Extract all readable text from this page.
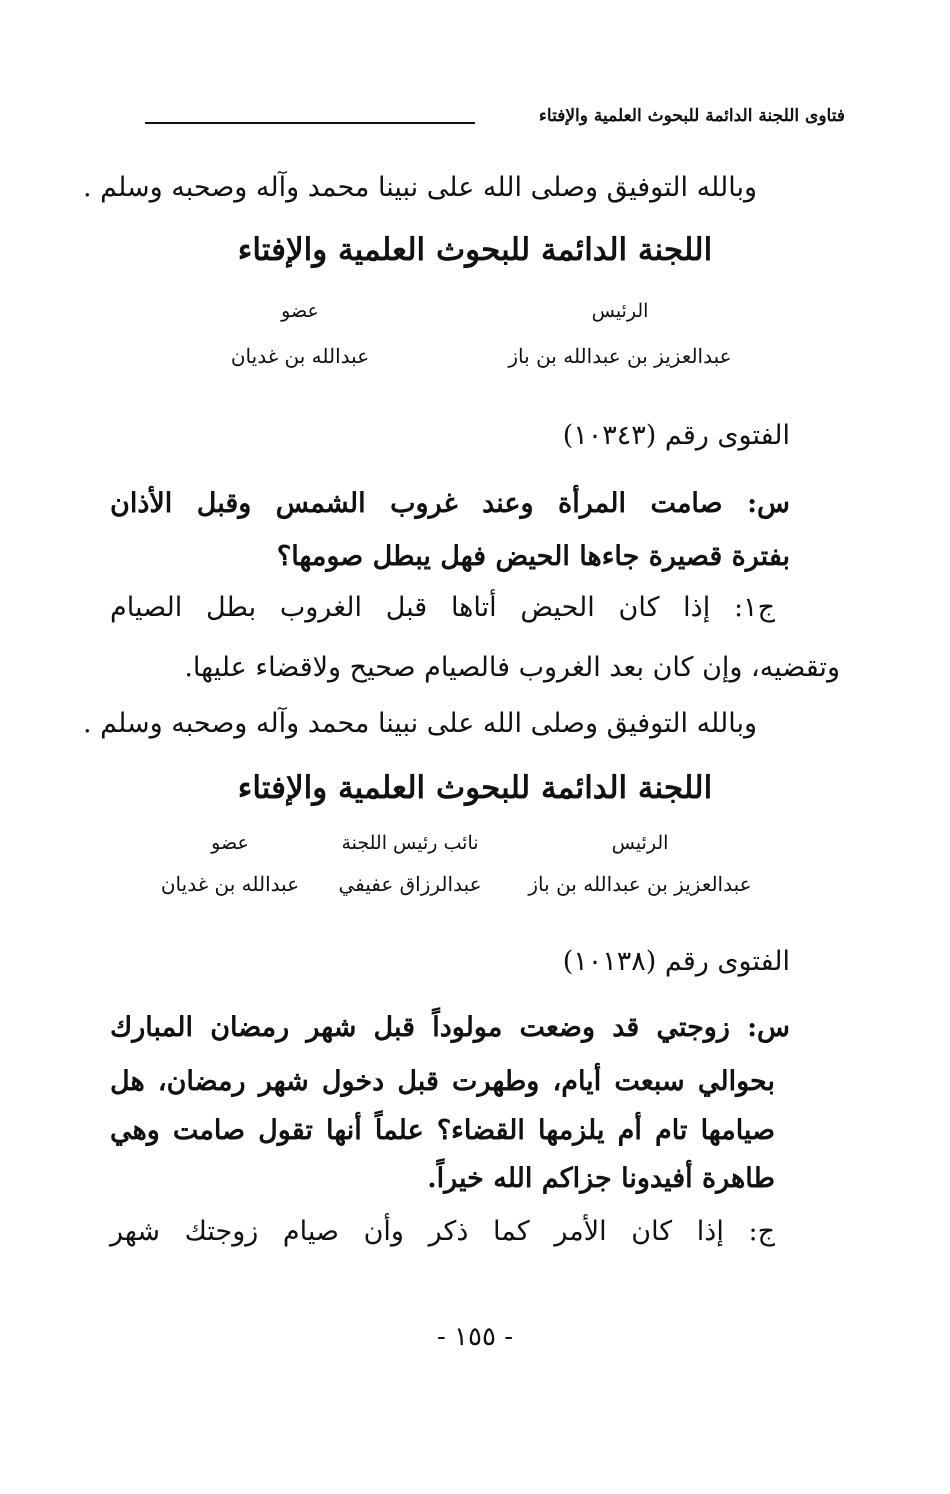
فتاوى اللجنة الدائمة للبحوث العلمية والإفتاء
وبالله التوفيق وصلى الله على نبينا محمد وآله وصحبه وسلم .
اللجنة الدائمة للبحوث العلمية والإفتاء
عضو
عبدالله بن غديان
الرئيس
عبدالعزيز بن عبدالله بن باز
الفتوى رقم (١٠٣٤٣)
س: صامت المرأة وعند غروب الشمس وقبل الأذان
بفترة قصيرة جاءها الحيض فهل يبطل صومها؟
ج١: إذا كان الحيض أتاها قبل الغروب بطل الصيام
وتقضيه، وإن كان بعد الغروب فالصيام صحيح ولاقضاء عليها.
وبالله التوفيق وصلى الله على نبينا محمد وآله وصحبه وسلم .
اللجنة الدائمة للبحوث العلمية والإفتاء
عضو
عبدالله بن غديان
نائب رئيس اللجنة
عبدالرزاق عفيفي
الرئيس
عبدالعزيز بن عبدالله بن باز
الفتوى رقم (١٠١٣٨)
س: زوجتي قد وضعت مولوداً قبل شهر رمضان المبارك
بحوالي سبعت أيام، وطهرت قبل دخول شهر رمضان، هل
صيامها تام أم يلزمها القضاء؟ علماً أنها تقول صامت وهي
طاهرة أفيدونا جزاكم الله خيراً.
ج: إذا كان الأمر كما ذكر وأن صيام زوجتك شهر
- ١٥٥ -
